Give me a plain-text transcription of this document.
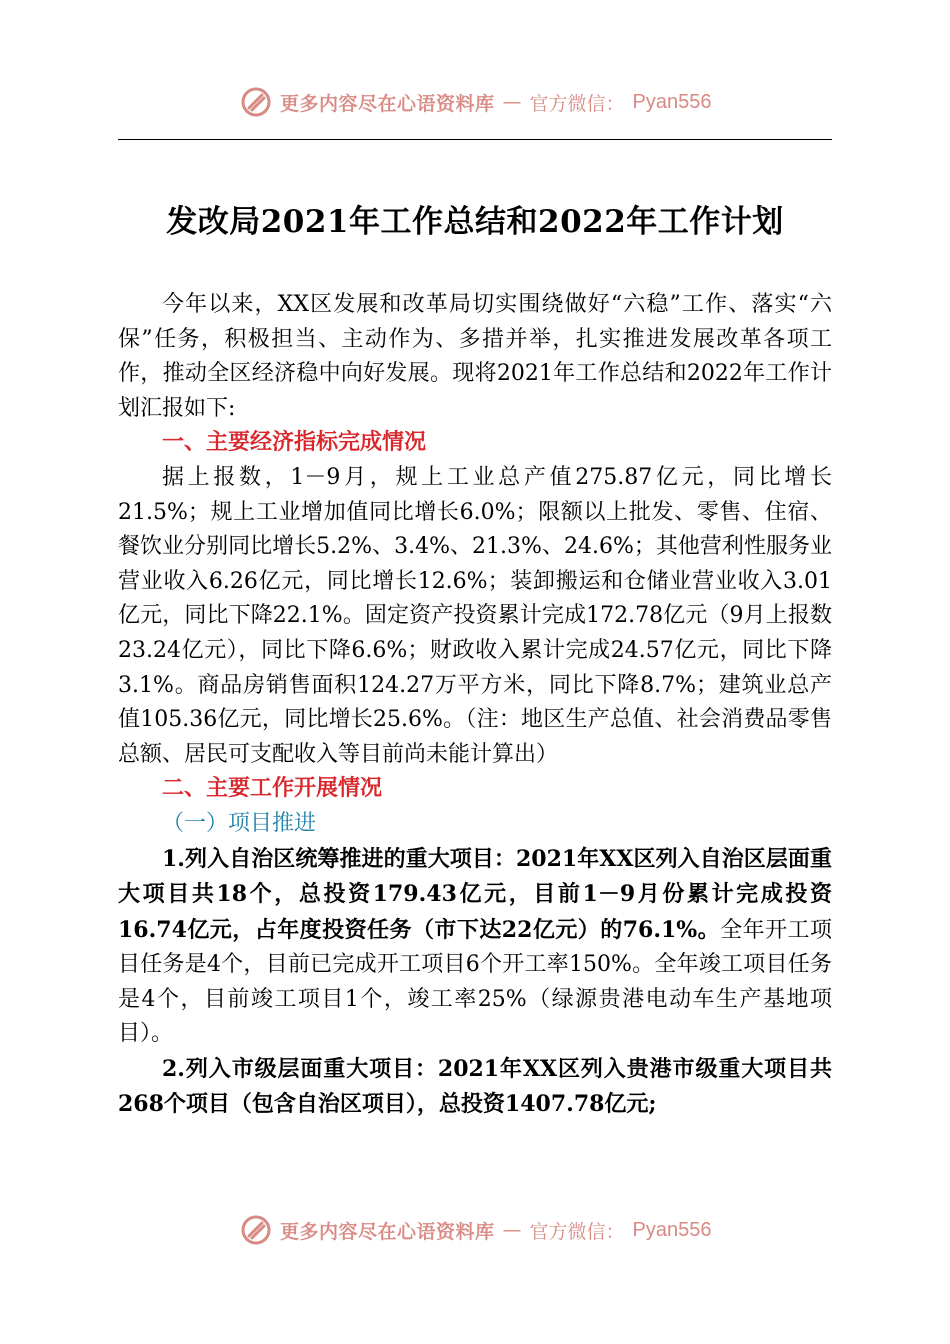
更多内容尽在心语资料库 — 官方微信： Pyan556
发改局2021年工作总结和2022年工作计划

今年以来，XX区发展和改革局切实围绕做好“六稳”工作、落实“六保”任务，积极担当、主动作为、多措并举，扎实推进发展改革各项工作，推动全区经济稳中向好发展。现将2021年工作总结和2022年工作计划汇报如下:

一、主要经济指标完成情况

据上报数，1－9月，规上工业总产值275.87亿元，同比增长21.5%；规上工业增加值同比增长6.0%；限额以上批发、零售、住宿、餐饮业分别同比增长5.2%、3.4%、21.3%、24.6%；其他营利性服务业营业收入6.26亿元，同比增长12.6%；装卸搬运和仓储业营业收入3.01亿元，同比下降22.1%。固定资产投资累计完成172.78亿元（9月上报数23.24亿元），同比下降6.6%；财政收入累计完成24.57亿元，同比下降3.1%。商品房销售面积124.27万平方米，同比下降8.7%；建筑业总产值105.36亿元，同比增长25.6%。（注：地区生产总值、社会消费品零售总额、居民可支配收入等目前尚未能计算出）

二、主要工作开展情况

（一）项目推进

1.列入自治区统筹推进的重大项目：2021年XX区列入自治区层面重大项目共18个，总投资179.43亿元，目前1－9月份累计完成投资16.74亿元，占年度投资任务（市下达22亿元）的76.1%。全年开工项目任务是4个，目前已完成开工项目6个开工率150%。全年竣工项目任务是4个，目前竣工项目1个，竣工率25%（绿源贵港电动车生产基地项目）。

2.列入市级层面重大项目：2021年XX区列入贵港市级重大项目共268个项目（包含自治区项目），总投资1407.78亿元;

更多内容尽在心语资料库 — 官方微信： Pyan556
